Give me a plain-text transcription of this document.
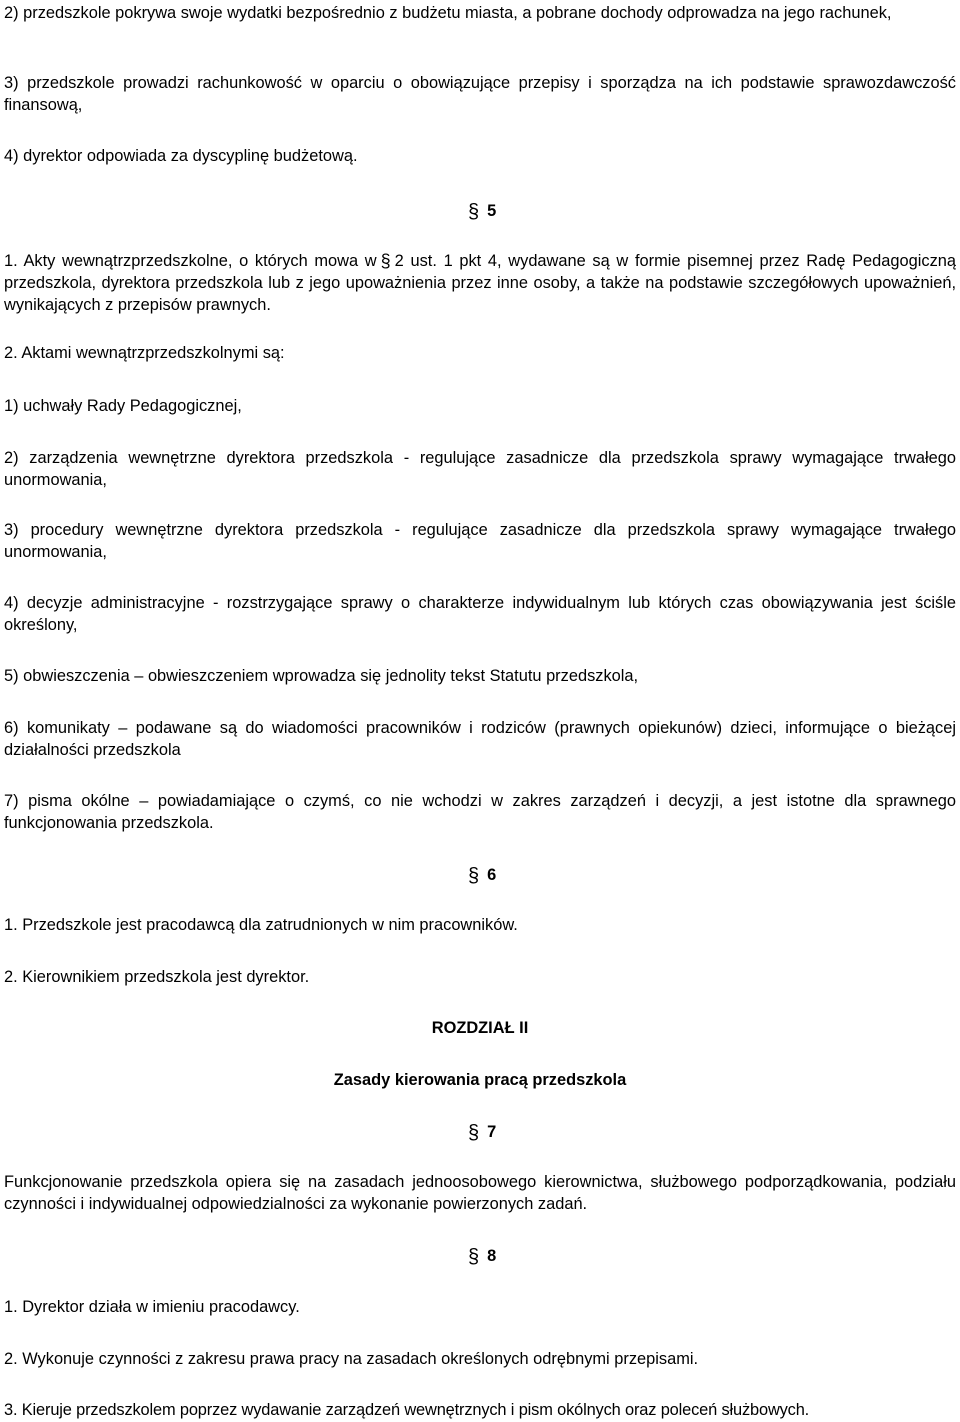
2) przedszkole pokrywa swoje wydatki bezpośrednio z budżetu miasta, a pobrane dochody odprowadza na jego rachunek,

3) przedszkole prowadzi rachunkowość w oparciu o obowiązujące przepisy i sporządza na ich podstawie sprawozdawczość finansową,

4) dyrektor odpowiada za dyscyplinę budżetową.

§ 5

1. Akty wewnątrzprzedszkolne, o których mowa w § 2 ust. 1 pkt 4, wydawane są w formie pisemnej przez Radę Pedagogiczną przedszkola, dyrektora przedszkola lub z jego upoważnienia przez inne osoby, a także na podstawie szczegółowych upoważnień, wynikających z przepisów prawnych.

2. Aktami wewnątrzprzedszkolnymi są:

1) uchwały Rady Pedagogicznej,

2) zarządzenia wewnętrzne dyrektora przedszkola - regulujące zasadnicze dla przedszkola sprawy wymagające trwałego unormowania,

3) procedury wewnętrzne dyrektora przedszkola - regulujące zasadnicze dla przedszkola sprawy wymagające trwałego unormowania,

4) decyzje administracyjne - rozstrzygające sprawy o charakterze indywidualnym lub których czas obowiązywania jest ściśle określony,

5) obwieszczenia – obwieszczeniem wprowadza się jednolity tekst Statutu przedszkola,

6) komunikaty – podawane są do wiadomości pracowników i rodziców (prawnych opiekunów) dzieci, informujące o bieżącej działalności przedszkola

7) pisma okólne – powiadamiające o czymś, co nie wchodzi w zakres zarządzeń i decyzji, a jest istotne dla sprawnego funkcjonowania przedszkola.

§ 6

1. Przedszkole jest pracodawcą dla zatrudnionych w nim pracowników.

2. Kierownikiem przedszkola jest dyrektor.

ROZDZIAŁ II

Zasady kierowania pracą przedszkola

§ 7

Funkcjonowanie przedszkola opiera się na zasadach jednoosobowego kierownictwa, służbowego podporządkowania, podziału czynności i indywidualnej odpowiedzialności za wykonanie powierzonych zadań.

§ 8

1. Dyrektor działa w imieniu pracodawcy.

2. Wykonuje czynności z zakresu prawa pracy na zasadach określonych odrębnymi przepisami.

3. Kieruje przedszkolem poprzez wydawanie zarządzeń wewnętrznych i pism okólnych oraz poleceń służbowych.
